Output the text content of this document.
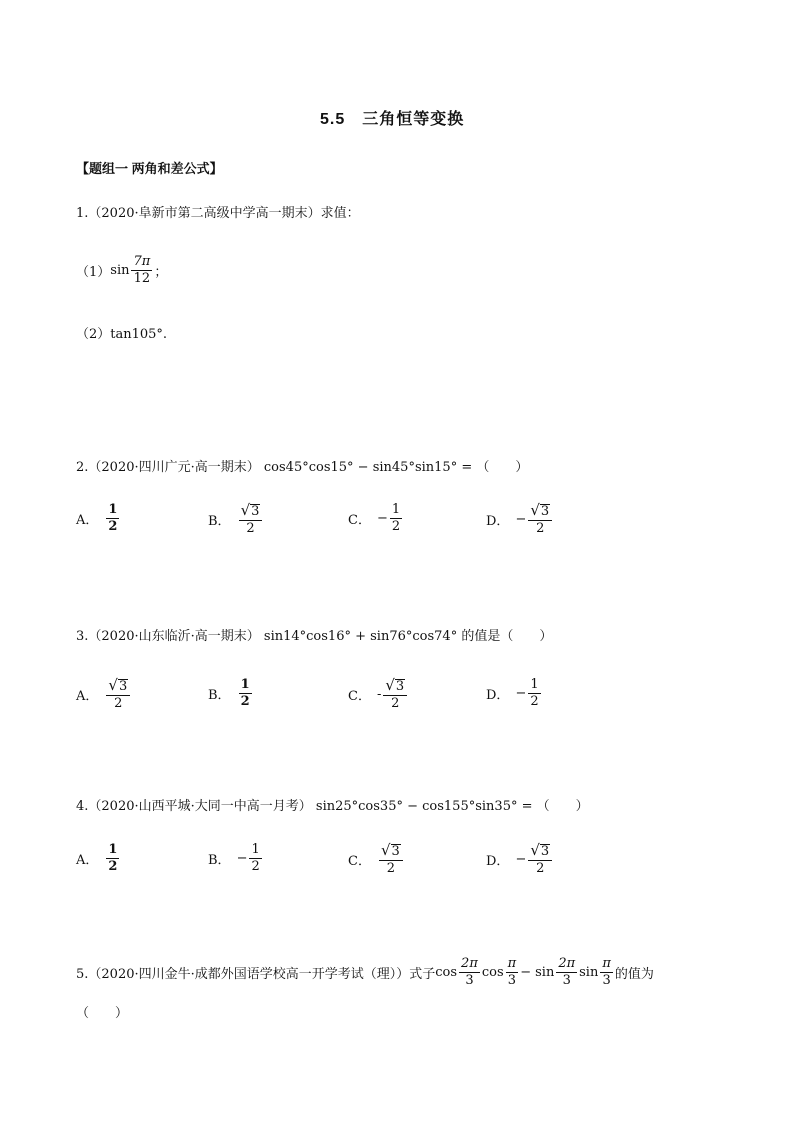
5.5　三角恒等变换
【题组一 两角和差公式】
1.（2020·阜新市第二高级中学高一期末）求值：
（1） $\sin \frac{7\pi}{12}$ ；
（2）tan105°.
2.（2020·四川广元·高一期末） cos45°cos15° − sin45°sin15° = （　　）
A． $\frac{1}{2}$	B． $\frac{√ 3}{2}$	C． − $\frac{1}{2}$	D． − $\frac{√ 3}{2}$
3.（2020·山东临沂·高一期末） sin14°cos16° + sin76°cos74° 的值是（　　）
A． $\frac{√ 3}{2}$	B． $\frac{1}{2}$	C． - $\frac{√ 3}{2}$	D． − $\frac{1}{2}$
4.（2020·山西平城·大同一中高一月考） sin25°cos35° − cos155°sin35° = （　　）
A． $\frac{1}{2}$	B． − $\frac{1}{2}$	C． $\frac{√ 3}{2}$	D． − $\frac{√ 3}{2}$
5.（2020·四川金牛·成都外国语学校高一开学考试（理））式子 $\cos \frac{2\pi}{3}$ $\cos \frac{\pi}{3} - \sin \frac{2\pi}{3}$ $\sin \frac{\pi}{3}$ 的值为
（　　）
